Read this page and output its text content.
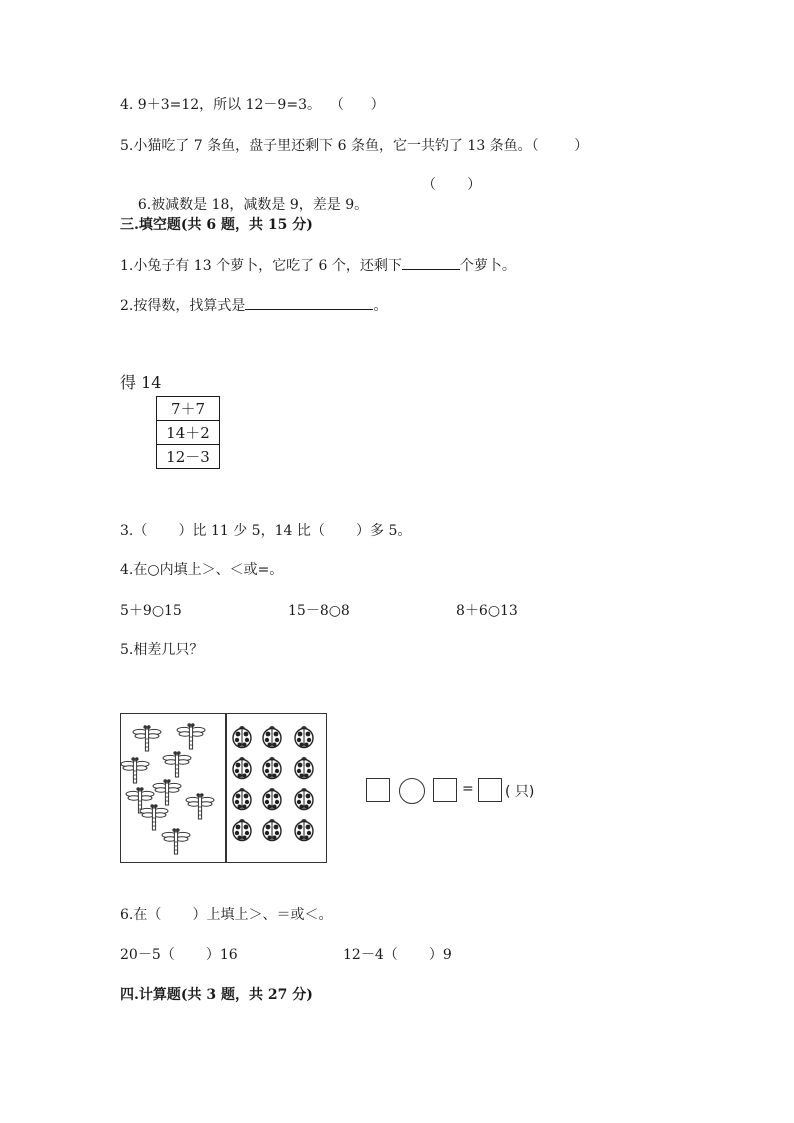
4. 9＋3=12，所以 12－9=3。  （      ）
5.小猫吃了 7 条鱼，盘子里还剩下 6 条鱼，它一共钓了 13 条鱼。（        ）

6.被减数是 18，减数是 9，差是 9。

（       ）
三.填空题(共 6 题，共 15 分)
1.小兔子有 13 个萝卜，它吃了 6 个，还剩下	个萝卜。
2.按得数，找算式是	。
得 14
7＋7
14＋2
12－3
3.（       ）比 11 少 5，14 比（       ）多 5。
4.在○内填上＞、＜或=。
5＋9○15	15－8○8	8＋6○13
5.相差几只？
= ( 只)
6.在（       ）上填上＞、＝或＜。
20－5（       ）16	12－4（       ）9
四.计算题(共 3 题，共 27 分)
